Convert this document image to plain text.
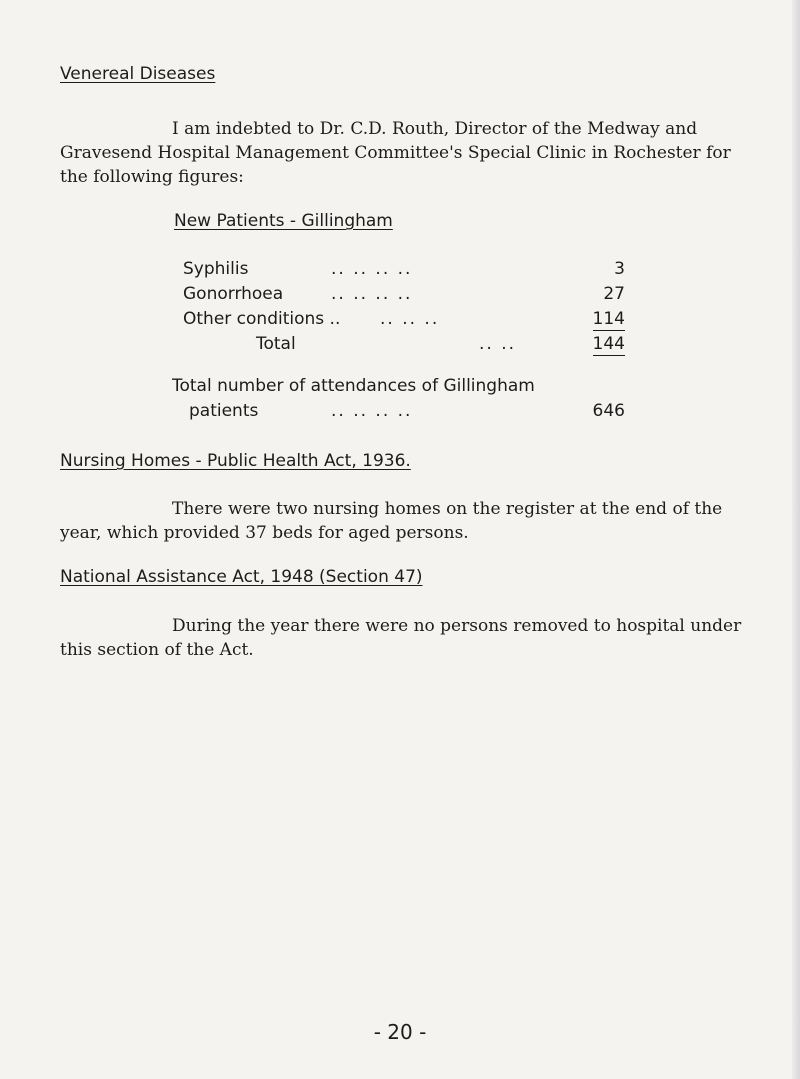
Venereal Diseases
I am indebted to Dr. C.D. Routh, Director of the Medway and Gravesend Hospital Management Committee's Special Clinic in Rochester for the following figures:
New Patients - Gillingham
Syphilis	.. .. .. ..	3
Gonorrhoea	.. .. .. ..	27
Other conditions .. .. .. ..	114
Total	.. ..	144
Total number of attendances of Gillingham
patients	.. .. .. ..	646
Nursing Homes - Public Health Act, 1936.
There were two nursing homes on the register at the end of the year, which provided 37 beds for aged persons.
National Assistance Act, 1948 (Section 47)
During the year there were no persons removed to hospital under this section of the Act.
- 20 -
